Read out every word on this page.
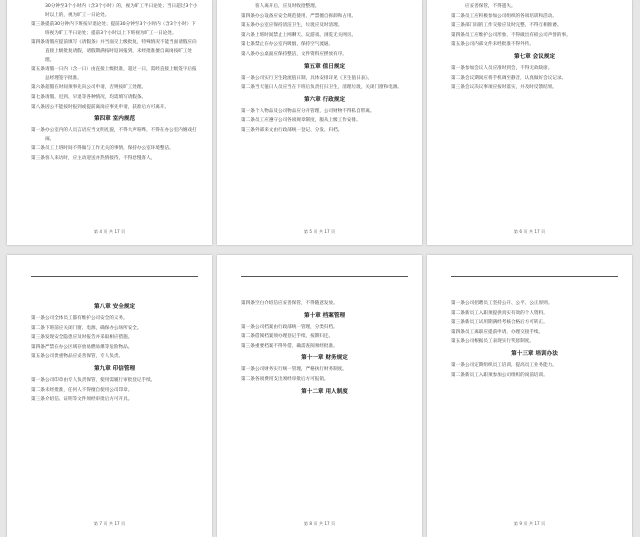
30分钟至3个小时内（含3个小时）的，视为旷工半日论处；当日超过3个小时以上的，视为旷工一日论处。
第三条 提前30分钟内下班按早退论处；提前30分钟至3个小时内（含3个小时）下班视为旷工半日论处；提前3个小时以上下班视为旷工一日论处。
第四条 请假应提前填写《请假条》并当面交上级批复，特殊情况不能当面请假应向直接上级批复请假，请假期满按时返回报到，未经批准擅自离岗按旷工处理。
第五条 请假一日内（含一日）由直接上级批准，超过一日，需经直接上级签字后报总经理签字批准。
第六条 超假在时间须事先向公司申请，否则按旷工处理。
第七条 请假、迟到、早退等各种情况，均需填写请假条。
第八条 因公不能按时报到或提前离岗应事先申请，获准后方可离开。
第四章 室内规范
第一条 办公室内的人员言语应当文明礼貌，不得大声喧哗，不得在办公室内嬉戏打闹。
第二条 员工上班时间不得做与工作无关的事情，保持办公室环境整洁。
第三条 客人来访时，应主动迎送并热情接待，不得怠慢客人。
第 4 页 共 17 页
客人离开后，应及时收拾整理。
第四条 办公设备应安全规范使用，严禁擅自拆卸和占用。
第五条 办公室应保持清洁卫生，垃圾应及时清理。
第六条 上班时间禁止上网聊天、玩游戏、浏览无关网页。
第七条 禁止在办公室内吸烟，保持空气流通。
第八条 办公桌面应保持整洁，文件资料应摆放有序。
第五章 值日规定
第一条 公司实行卫生轮流值日制，具体安排详见《卫生值日表》。
第二条 当天值日人员应当在下班后负责打扫卫生，清理垃圾，关闭门窗和电源。
第六章 行政规定
第一条 个人物品及公司物品应分开管理，公司财物不得私自带离。
第二条 员工应遵守公司各项规章制度，服从上级工作安排。
第三条 外部来文由行政部统一登记、分发、归档。
第 5 页 共 17 页
应妥善保管，不得遗失。
第二条 员工应积极参加公司组织的各项培训和活动。
第三条 部门间的工作交接应及时完整，不得互相推诿。
第四条 员工应维护公司形象，不得做出有损公司声誉的事。
第五条 公司内部文件未经批准不得外传。
第七章 会议规定
第一条 参加会议人员应准时到会，不得无故缺席。
第二条 会议期间应将手机调至静音，认真做好会议记录。
第三条 会议决议事项应按时落实，并及时反馈结果。
第 6 页 共 17 页
第八章 安全规定
第一条 公司全体员工都有维护公司安全的义务。
第二条 下班前应关闭门窗、电源，确保办公场所安全。
第三条 发现安全隐患应及时报告并采取相应措施。
第四条 严禁在办公区域存放易燃易爆等危险物品。
第五条 公司贵重物品应妥善保管，专人负责。
第九章 印信管理
第一条 公司印章由专人负责保管，使用需履行审批登记手续。
第二条 未经批准，任何人不得擅自使用公司印章。
第三条 介绍信、证明等文件须经审批后方可开具。
第 7 页 共 17 页
第四条 空白介绍信应妥善保管，不得随意发放。
第十章 档案管理
第一条 公司档案由行政部统一管理，分类归档。
第二条 借阅档案须办理登记手续，按期归还。
第三条 重要档案不得外借，确需查阅须经批准。
第十一章 财务规定
第一条 公司财务实行统一管理，严格执行财务制度。
第二条 各项费用支出须经审批后方可报销。
第十二章 用人制度
第 8 页 共 17 页
第一条 公司招聘员工坚持公开、公平、公正原则。
第二条 新员工入职须提供真实有效的个人资料。
第三条 新员工试用期满经考核合格后方可转正。
第四条 员工离职应提前申请，办理交接手续。
第五条 公司根据员工表现实行奖惩制度。
第十三章 培训办法
第一条 公司定期组织员工培训，提高员工业务能力。
第二条 新员工入职须参加公司组织的岗前培训。
第 9 页 共 17 页
